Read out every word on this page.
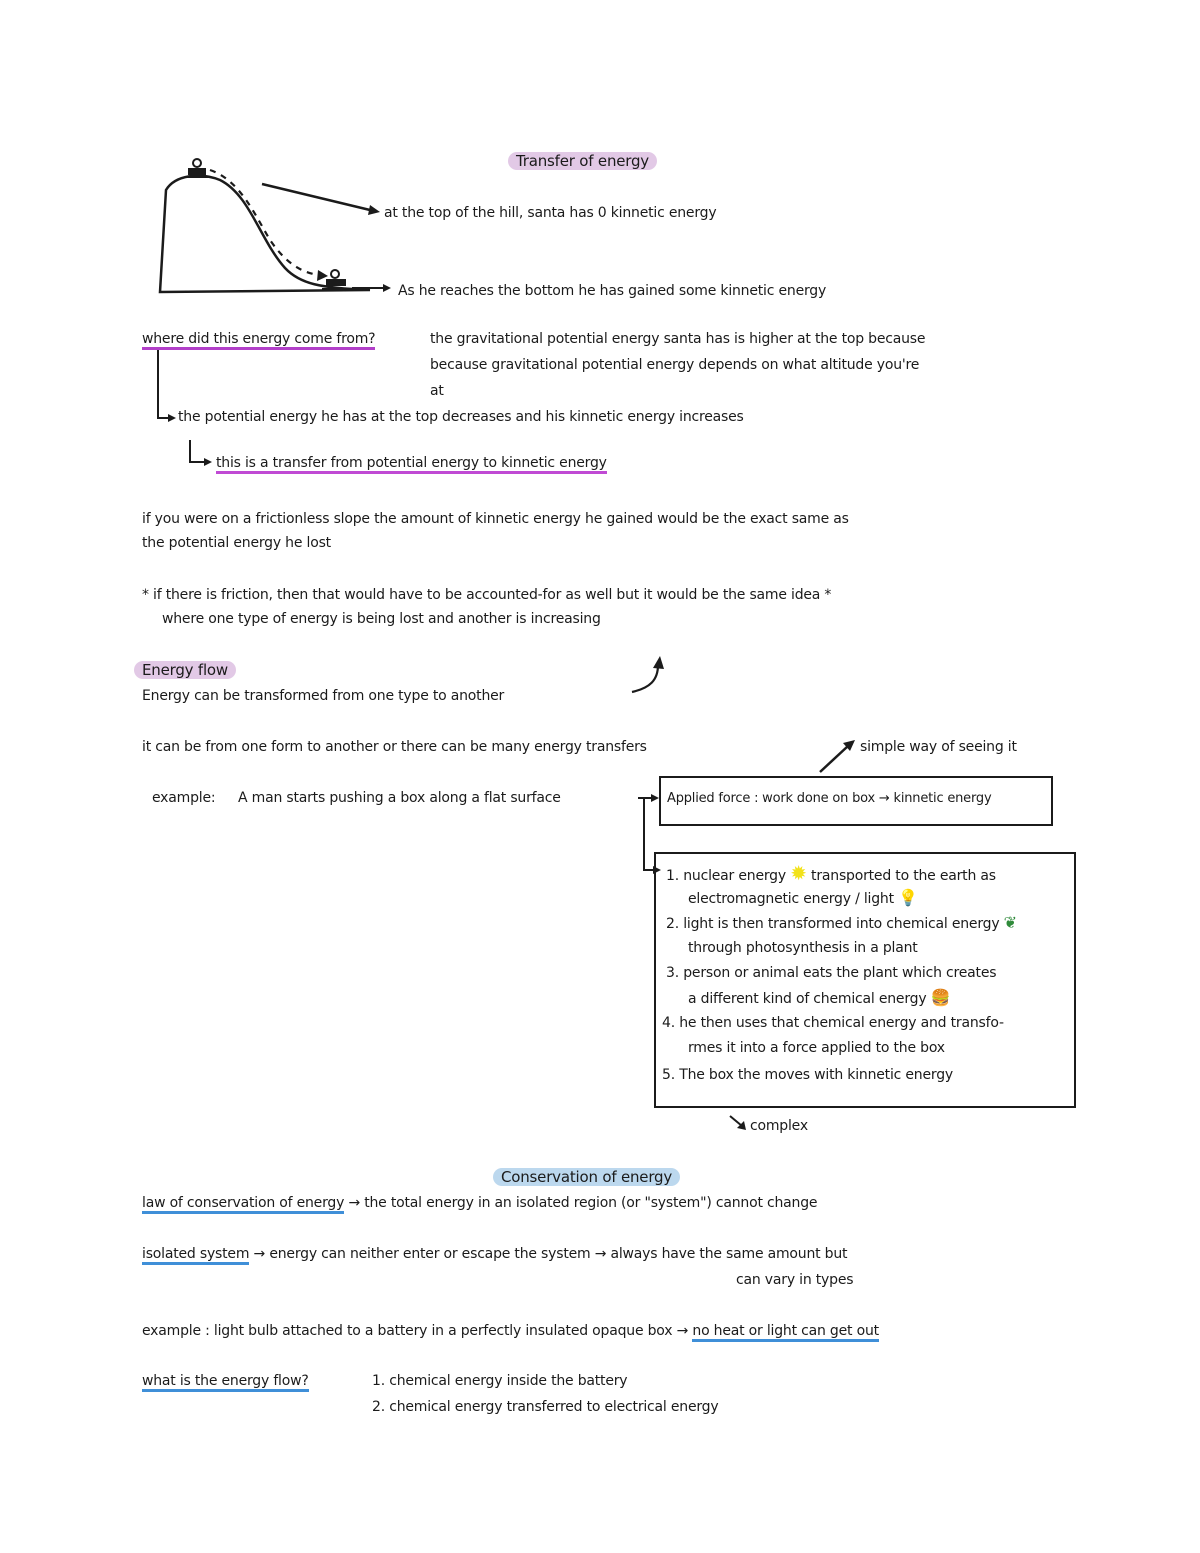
Transfer of energy
at the top of the hill, santa has 0 kinnetic energy
As he reaches the bottom he has gained some kinnetic energy
where did this energy come from?	the gravitational potential energy santa has is higher at the top because
because gravitational potential energy depends on what altitude you're
at
the potential energy he has at the top decreases and his kinnetic energy increases
this is a transfer from potential energy to kinnetic energy
if you were on a frictionless slope the amount of kinnetic energy he gained would be the exact same as
the potential energy he lost
* if there is friction, then that would have to be accounted-for as well but it would be the same idea *
where one type of energy is being lost and another is increasing
Energy flow
Energy can be transformed from one type to another
it can be from one form to another or there can be many energy transfers	simple way of seeing it
example: A man starts pushing a box along a flat surface	Applied force : work done on box → kinnetic energy
1. nuclear energy ✹ transported to the earth as
electromagnetic energy / light 💡
2. light is then transformed into chemical energy ❦
through photosynthesis in a plant
3. person or animal eats the plant which creates
a different kind of chemical energy 🍔
4. he then uses that chemical energy and transfo-
rmes it into a force applied to the box
5. The box the moves with kinnetic energy
complex
Conservation of energy
law of conservation of energy → the total energy in an isolated region (or "system") cannot change
isolated system → energy can neither enter or escape the system → always have the same amount but
can vary in types
example : light bulb attached to a battery in a perfectly insulated opaque box → no heat or light can get out
what is the energy flow?	1. chemical energy inside the battery
2. chemical energy transferred to electrical energy
